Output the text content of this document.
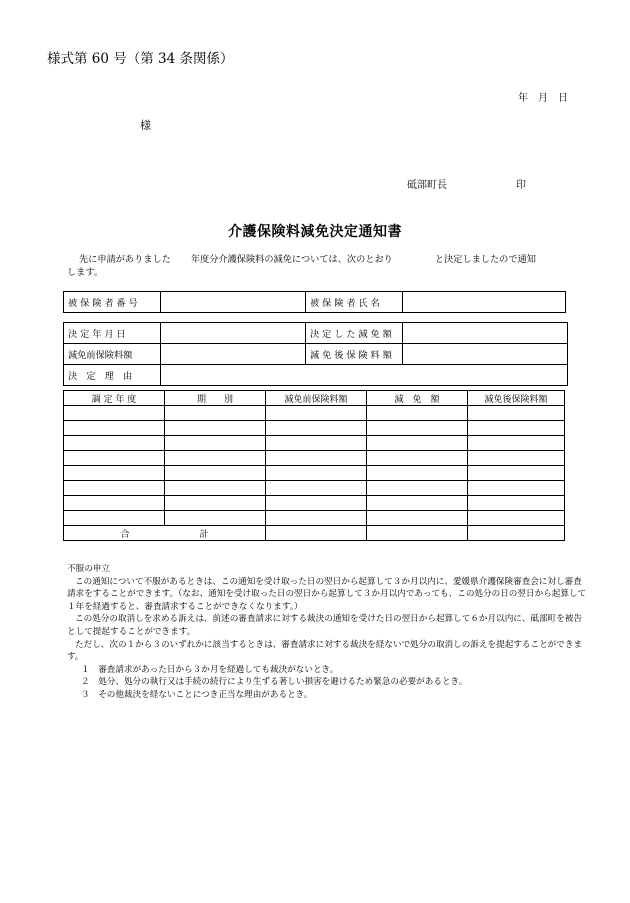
様式第 60 号（第 34 条関係）
年　月　日
様
砥部町長	印
介護保険料減免決定通知書
先に申請がありました 年度分介護保険料の減免については、次のとおり	と決定しましたので通知
します。
被 保 険 者 番 号		被 保 険 者 氏 名	
決 定 年 月 日		決 定 し た 減 免 額	
減免前保険料額		減 免 後 保 険 料 額	
決　定　理　由			
調 定 年 度	期　　別	減免前保険料額	減　免　額	減免後保険料額

合 計				

不服の申立

この通知について不服があるときは、この通知を受け取った日の翌日から起算して３か月以内に、愛媛県介護保険審査会に対し審査請求をすることができます。（なお、通知を受け取った日の翌日から起算して３か月以内であっても、この処分の日の翌日から起算して１年を経過すると、審査請求することができなくなります。）

この処分の取消しを求める訴えは、前述の審査請求に対する裁決の通知を受けた日の翌日から起算して６か月以内に、砥部町を被告として提起することができます。

ただし、次の１から３のいずれかに該当するときは、審査請求に対する裁決を経ないで処分の取消しの訴えを提起することができます。

１　審査請求があった日から３か月を経過しても裁決がないとき。

２　処分、処分の執行又は手続の続行により生ずる著しい損害を避けるため緊急の必要があるとき。

３　その他裁決を経ないことにつき正当な理由があるとき。
